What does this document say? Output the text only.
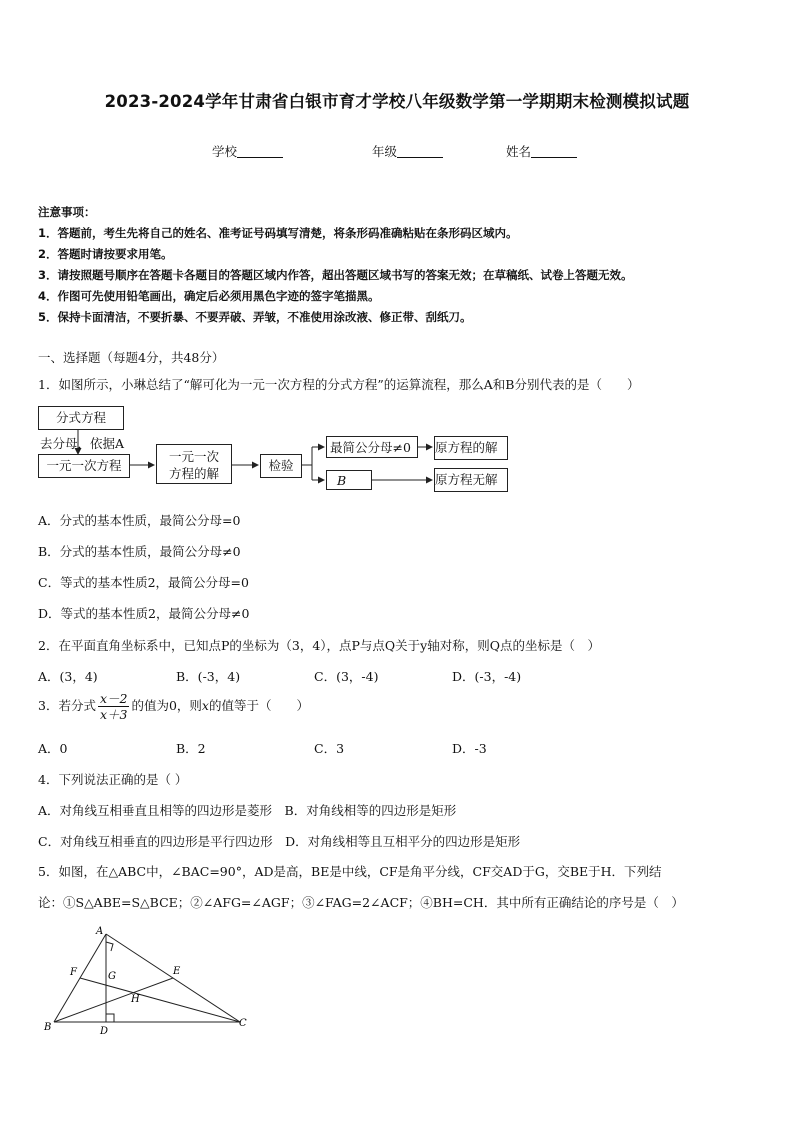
2023-2024学年甘肃省白银市育才学校八年级数学第一学期期末检测模拟试题
学校	年级	姓名
注意事项：
1．答题前，考生先将自己的姓名、准考证号码填写清楚，将条形码准确粘贴在条形码区域内。
2．答题时请按要求用笔。
3．请按照题号顺序在答题卡各题目的答题区域内作答，超出答题区域书写的答案无效；在草稿纸、试卷上答题无效。
4．作图可先使用铅笔画出，确定后必须用黑色字迹的签字笔描黑。
5．保持卡面清洁，不要折暴、不要弄破、弄皱，不准使用涂改液、修正带、刮纸刀。
一、选择题（每题4分，共48分）
1．如图所示，小琳总结了“解可化为一元一次方程的分式方程”的运算流程，那么A和B分别代表的是（　　）
分式方程
去分母，依据A
一元一次方程
一元一次
方程的解
检验
最简公分母≠0
B
原方程的解
原方程无解
A．分式的基本性质，最简公分母=0
B．分式的基本性质，最简公分母≠0
C．等式的基本性质2，最简公分母=0
D．等式的基本性质2，最简公分母≠0
2．在平面直角坐标系中，已知点P的坐标为（3，4），点P与点Q关于y轴对称，则Q点的坐标是（　）
A．(3，4)	B．(-3，4)	C．(3，-4)	D．(-3，-4)
3．若分式 $\frac{x-2}{x+3}$ 的值为0，则x的值等于（　　）
A．0	B．2	C．3	D．-3
4．下列说法正确的是（ ）
A．对角线互相垂直且相等的四边形是菱形　B．对角线相等的四边形是矩形
C．对角线互相垂直的四边形是平行四边形　D．对角线相等且互相平分的四边形是矩形
5．如图，在△ABC中，∠BAC=90°，AD是高，BE是中线，CF是角平分线，CF交AD于G，交BE于H．下列结
论：①S△ABE=S△BCE；②∠AFG=∠AGF；③∠FAG=2∠ACF；④BH=CH．其中所有正确结论的序号是（　）
A
B	C
D
E
F	G
H
